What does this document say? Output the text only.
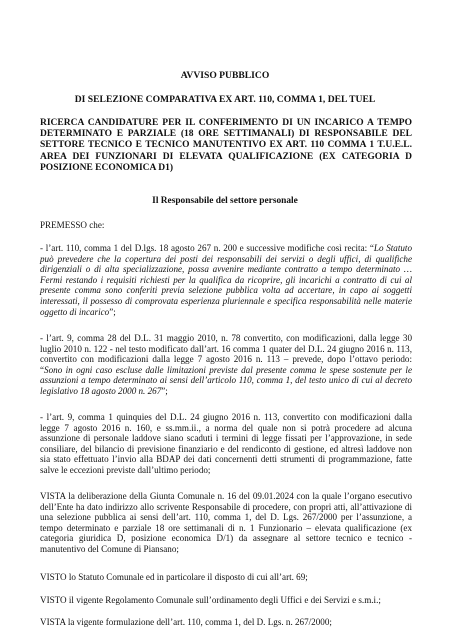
AVVISO PUBBLICO
DI SELEZIONE COMPARATIVA EX ART. 110, COMMA 1, DEL TUEL
RICERCA CANDIDATURE PER IL CONFERIMENTO DI UN INCARICO A TEMPO DETERMINATO E PARZIALE (18 ORE SETTIMANALI) DI RESPONSABILE DEL SETTORE TECNICO E TECNICO MANUTENTIVO EX ART. 110 COMMA 1 T.U.E.L. AREA DEI FUNZIONARI DI ELEVATA QUALIFICAZIONE (EX CATEGORIA D POSIZIONE ECONOMICA D1)
Il Responsabile del settore personale
PREMESSO che:
- l’art. 110, comma 1 del D.lgs. 18 agosto 267 n. 200 e successive modifiche così recita: “Lo Statuto può prevedere che la copertura dei posti dei responsabili dei servizi o degli uffici, di qualifiche dirigenziali o di alta specializzazione, possa avvenire mediante contratto a tempo determinato … Fermi restando i requisiti richiesti per la qualifica da ricoprire, gli incarichi a contratto di cui al presente comma sono conferiti previa selezione pubblica volta ad accertare, in capo ai soggetti interessati, il possesso di comprovata esperienza pluriennale e specifica responsabilità nelle materie oggetto di incarico”;
- l’art. 9, comma 28 del D.L. 31 maggio 2010, n. 78 convertito, con modificazioni, dalla legge 30 luglio 2010 n. 122 - nel testo modificato dall’art. 16 comma 1 quater del D.L. 24 giugno 2016 n. 113, convertito con modificazioni dalla legge 7 agosto 2016 n. 113 – prevede, dopo l’ottavo periodo: “Sono in ogni caso escluse dalle limitazioni previste dal presente comma le spese sostenute per le assunzioni a tempo determinato ai sensi dell’articolo 110, comma 1, del testo unico di cui al decreto legislativo 18 agosto 2000 n. 267”;
- l’art. 9, comma 1 quinquies del D.L. 24 giugno 2016 n. 113, convertito con modificazioni dalla legge 7 agosto 2016 n. 160, e ss.mm.ii., a norma del quale non si potrà procedere ad alcuna assunzione di personale laddove siano scaduti i termini di legge fissati per l’approvazione, in sede consiliare, del bilancio di previsione finanziario e del rendiconto di gestione, ed altresì laddove non sia stato effettuato l’invio alla BDAP dei dati concernenti detti strumenti di programmazione, fatte salve le eccezioni previste dall’ultimo periodo;
VISTA la deliberazione della Giunta Comunale n. 16 del 09.01.2024 con la quale l’organo esecutivo dell’Ente ha dato indirizzo allo scrivente Responsabile di procedere, con propri atti, all’attivazione di una selezione pubblica ai sensi dell’art. 110, comma 1, del D. Lgs. 267/2000 per l’assunzione, a tempo determinato e parziale 18 ore settimanali di n. 1 Funzionario – elevata qualificazione (ex categoria giuridica D, posizione economica D/1) da assegnare al settore tecnico e tecnico - manutentivo del Comune di Piansano;
VISTO lo Statuto Comunale ed in particolare il disposto di cui all’art. 69;
VISTO il vigente Regolamento Comunale sull’ordinamento degli Uffici e dei Servizi e s.m.i.;
VISTA la vigente formulazione dell’art. 110, comma 1, del D. Lgs. n. 267/2000;
